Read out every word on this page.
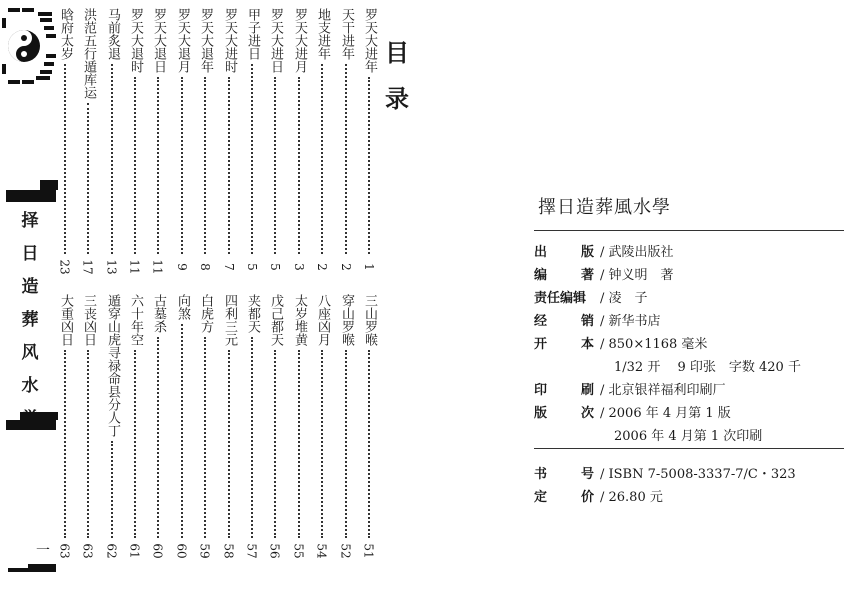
择
日
造
葬
风
水
一
目
录
罗天大进年
1
天干进年
2
地支进年
2
罗天大进月
3
罗天大进日
5
甲子进日
5
罗天大进时
7
罗天大退年
8
罗天大退月
9
罗天大退日
11
罗天大退时
11
马前炙退
13
洪范五行遁库运
17
晗府太岁
23
三山罗喉
51
穿山罗喉
52
八座凶月
54
太岁堆黄
55
戊己都天
56
夹都天
57
四利三元
58
白虎方
59
向煞
60
古墓杀
60
六十年空
61
遁穿山虎寻禄命县分人丁
62
三丧凶日
63
大重凶日
63
擇日造葬風水學
出	版 / 武陵出版社
编	著 / 钟义明　著
责任编辑 / 凌　子
经	销 / 新华书店
开	本 / 850×1168 毫米
1/32 开　 9 印张　字数 420 千
印	刷 / 北京银祥福利印刷厂
版	次 / 2006 年 4 月第 1 版
2006 年 4 月第 1 次印刷
书	号 / ISBN 7-5008-3337-7/C・323
定	价 / 26.80 元
